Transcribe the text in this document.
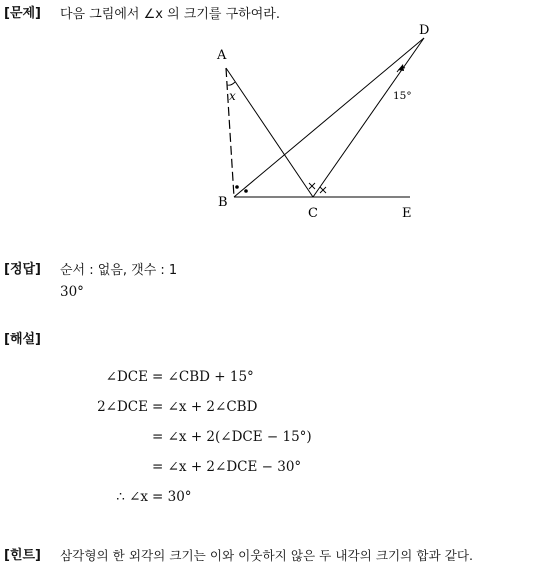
[문제] 다음 그림에서 ∠x 의 크기를 구하여라.
A
B
C
D
E
x	15°
[정답] 순서 : 없음, 갯수 : 1
30°
[해설]
∠DCE = ∠CBD + 15°
2∠DCE = ∠x + 2∠CBD
= ∠x + 2(∠DCE − 15°)
= ∠x + 2∠DCE − 30°
∴ ∠x = 30°
[힌트] 삼각형의 한 외각의 크기는 이와 이웃하지 않은 두 내각의 크기의 합과 같다.
